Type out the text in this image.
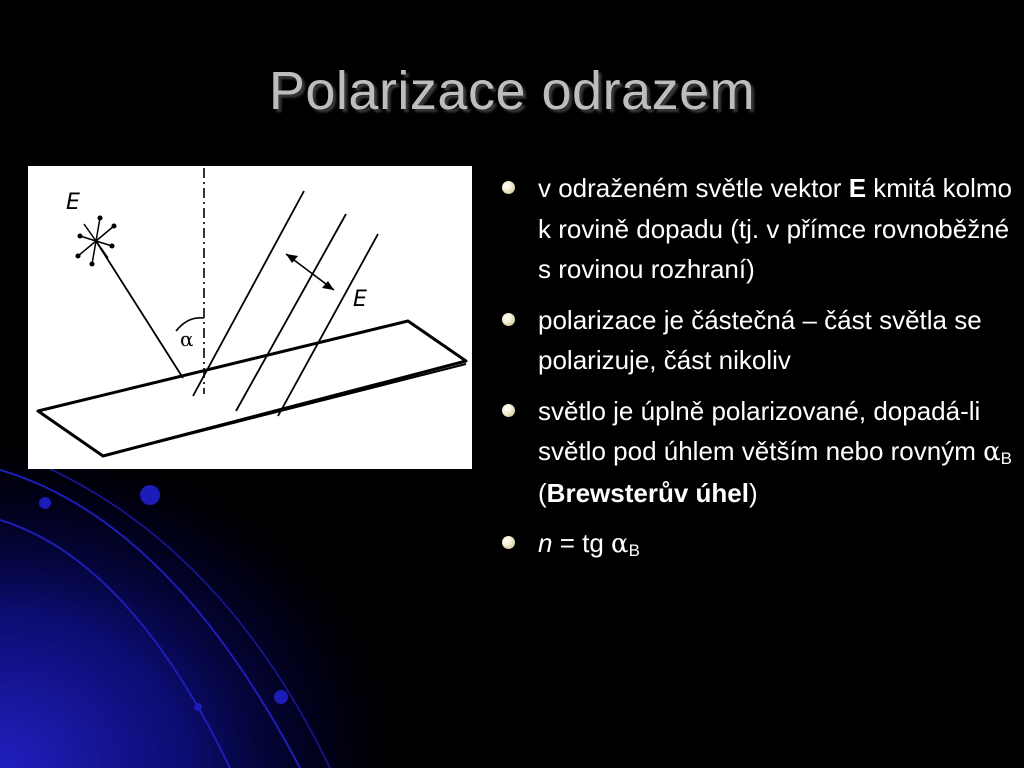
Polarizace odrazem
E
E
α
v odraženém světle vektor E kmitá kolmo k rovině dopadu (tj. v přímce rovnoběžné s rovinou rozhraní)
polarizace je částečná – část světla se polarizuje, část nikoliv
světlo je úplně polarizované, dopadá-li světlo pod úhlem větším nebo rovným $\alpha_B$
(Brewsterův úhel)
n = tg $\alpha_B$
